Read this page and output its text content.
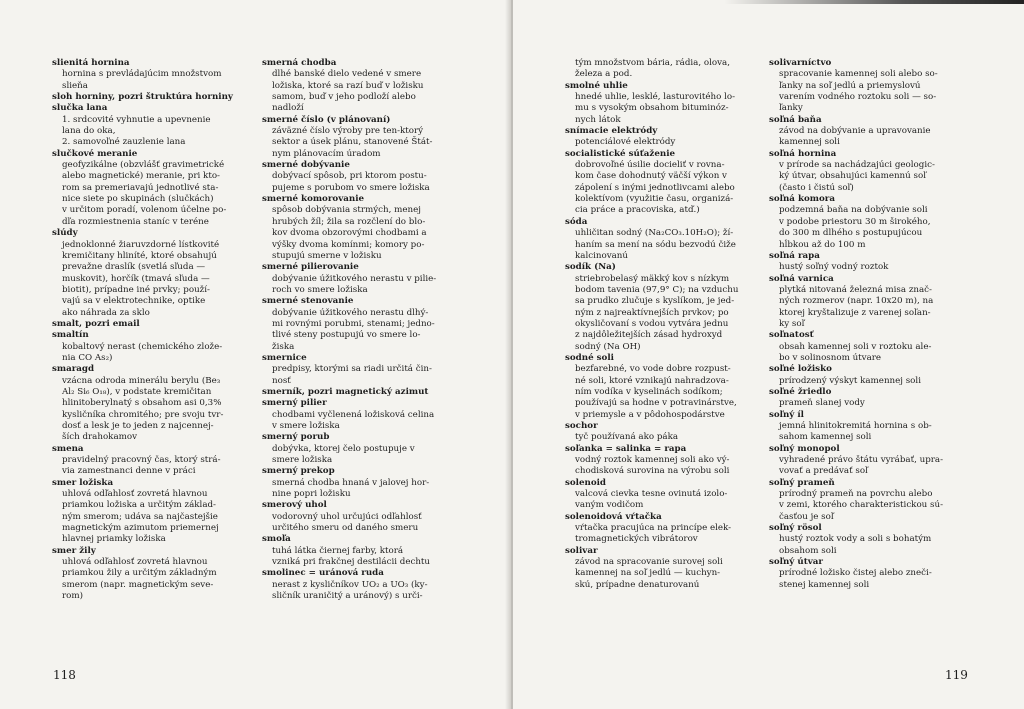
slienitá hornina
hornina s prevládajúcim množstvom
slieňa
sloh horniny, pozri štruktúra horniny
slučka lana
1. srdcovité vyhnutie a upevnenie
lana do oka,
2. samovoľné zauzlenie lana
slučkové meranie
geofyzikálne (obzvlášť gravimetrické
alebo magnetické) meranie, pri kto-
rom sa premeriavajú jednotlivé sta-
nice siete po skupinách (slučkách)
v určitom poradí, volenom účelne po-
dľa rozmiestnenia staníc v teréne
slúdy
jednoklonné žiaruvzdorné lístkovité
kremičitany hliníté, ktoré obsahujú
prevažne draslík (svetlá sľuda —
muskovit), horčík (tmavá sľuda —
biotit), prípadne iné prvky; použí-
vajú sa v elektrotechnike, optike
ako náhrada za sklo
smalt, pozri email
smaltín
kobaltový nerast (chemického zlože-
nia CO As₂)
smaragd
vzácna odroda minerálu berylu (Be₃
Al₂ Si₆ O₁₈), v podstate kremičitan
hlinitoberylnatý s obsahom asi 0,3%
kysličníka chromitého; pre svoju tvr-
dosť a lesk je to jeden z najcennej-
ších drahokamov
smena
pravidelný pracovný čas, ktorý strá-
via zamestnanci denne v práci
smer ložiska
uhlová odľahlosť zovretá hlavnou
priamkou ložiska a určitým základ-
ným smerom; udáva sa najčastejšie
magnetickým azimutom priemernej
hlavnej priamky ložiska
smer žily
uhlová odľahlosť zovretá hlavnou
priamkou žily a určitým základným
smerom (napr. magnetickým seve-
rom)
smerná chodba
dlhé banské dielo vedené v smere
ložiska, ktoré sa razí buď v ložisku
samom, buď v jeho podloží alebo
nadloží
smerné číslo (v plánovaní)
záväzné číslo výroby pre ten-ktorý
sektor a úsek plánu, stanovené Štát-
nym plánovacím úradom
smerné dobývanie
dobývací spôsob, pri ktorom postu-
pujeme s porubom vo smere ložiska
smerné komorovanie
spôsob dobývania strmých, menej
hrubých žíl; žila sa rozčlení do blo-
kov dvoma obzorovými chodbami a
výšky dvoma komínmi; komory po-
stupujú smerne v ložisku
smerné pilierovanie
dobývanie úžitkového nerastu v pilie-
roch vo smere ložiska
smerné stenovanie
dobývanie úžitkového nerastu dlhý-
mi rovnými porubmi, stenami; jedno-
tlivé steny postupujú vo smere lo-
žiska
smernice
predpisy, ktorými sa riadi určitá čin-
nosť
smerník, pozri magnetický azimut
smerný pilier
chodbami vyčlenená ložisková celina
v smere ložiska
smerný porub
dobývka, ktorej čelo postupuje v
smere ložiska
smerný prekop
smerná chodba hnaná v jalovej hor-
nine popri ložisku
smerový uhol
vodorovný uhol určujúci odľahlosť
určitého smeru od daného smeru
smoľa
tuhá látka čiernej farby, ktorá
vzniká pri frakčnej destilácii dechtu
smolinec = uránová ruda
nerast z kysličníkov UO₂ a UO₃ (ky-
sličník uraničitý a uránový) s urči-
118
tým množstvom bária, rádia, olova,
železa a pod.
smolné uhlie
hnedé uhlie, lesklé, lasturovitého lo-
mu s vysokým obsahom bituminóz-
nych látok
snímacie elektródy
potenciálové elektródy
socialistické súťaženie
dobrovoľné úsilie docieliť v rovna-
kom čase dohodnutý väčší výkon v
zápolení s inými jednotlivcami alebo
kolektívom (využitie času, organizá-
cia práce a pracoviska, atď.)
sóda
uhličitan sodný (Na₂CO₃.10H₂O); ží-
haním sa mení na sódu bezvodú čiže
kalcinovanú
sodík (Na)
striebrobelasý mäkký kov s nízkym
bodom tavenia (97,9° C); na vzduchu
sa prudko zlučuje s kyslíkom, je jed-
ným z najreaktívnejších prvkov; po
okysličovaní s vodou vytvára jednu
z najdôležitejších zásad hydroxyd
sodný (Na OH)
sodné soli
bezfarebné, vo vode dobre rozpust-
né soli, ktoré vznikajú nahradzova-
ním vodíka v kyselinách sodíkom;
používajú sa hodne v potravinárstve,
v priemysle a v pôdohospodárstve
sochor
tyč používaná ako páka
soľanka = salinka = rapa
vodný roztok kamennej soli ako vý-
chodisková surovina na výrobu soli
solenoid
valcová cievka tesne ovinutá izolo-
vaným vodičom
solenoidová vŕtačka
vŕtačka pracujúca na princípe elek-
tromagnetických vibrátorov
solivar
závod na spracovanie surovej soli
kamennej na soľ jedlú — kuchyn-
skú, prípadne denaturovanú
solivarníctvo
spracovanie kamennej soli alebo so-
ľanky na soľ jedlú a priemyslovú
varením vodného roztoku soli — so-
ľanky
soľná baňa
závod na dobývanie a upravovanie
kamennej soli
soľná hornina
v prírode sa nachádzajúci geologic-
ký útvar, obsahujúci kamennú soľ
(často i čistú soľ)
soľná komora
podzemná baňa na dobývanie soli
v podobe priestoru 30 m širokého,
do 300 m dlhého s postupujúcou
hĺbkou až do 100 m
soľná rapa
hustý soľný vodný roztok
soľná varnica
plytká nitovaná železná misa znač-
ných rozmerov (napr. 10x20 m), na
ktorej kryštalizuje z varenej soľan-
ky soľ
soľnatosť
obsah kamennej soli v roztoku ale-
bo v solinosnom útvare
soľné ložisko
prírodzený výskyt kamennej soli
soľné žriedlo
prameň slanej vody
soľný íl
jemná hlinitokremitá hornina s ob-
sahom kamennej soli
soľný monopol
vyhradené právo štátu vyrábať, upra-
vovať a predávať soľ
soľný prameň
prírodný prameň na povrchu alebo
v zemi, ktorého charakteristickou sú-
časťou je soľ
soľný rösol
hustý roztok vody a soli s bohatým
obsahom soli
soľný útvar
prírodné ložisko čistej alebo zneči-
stenej kamennej soli
119
